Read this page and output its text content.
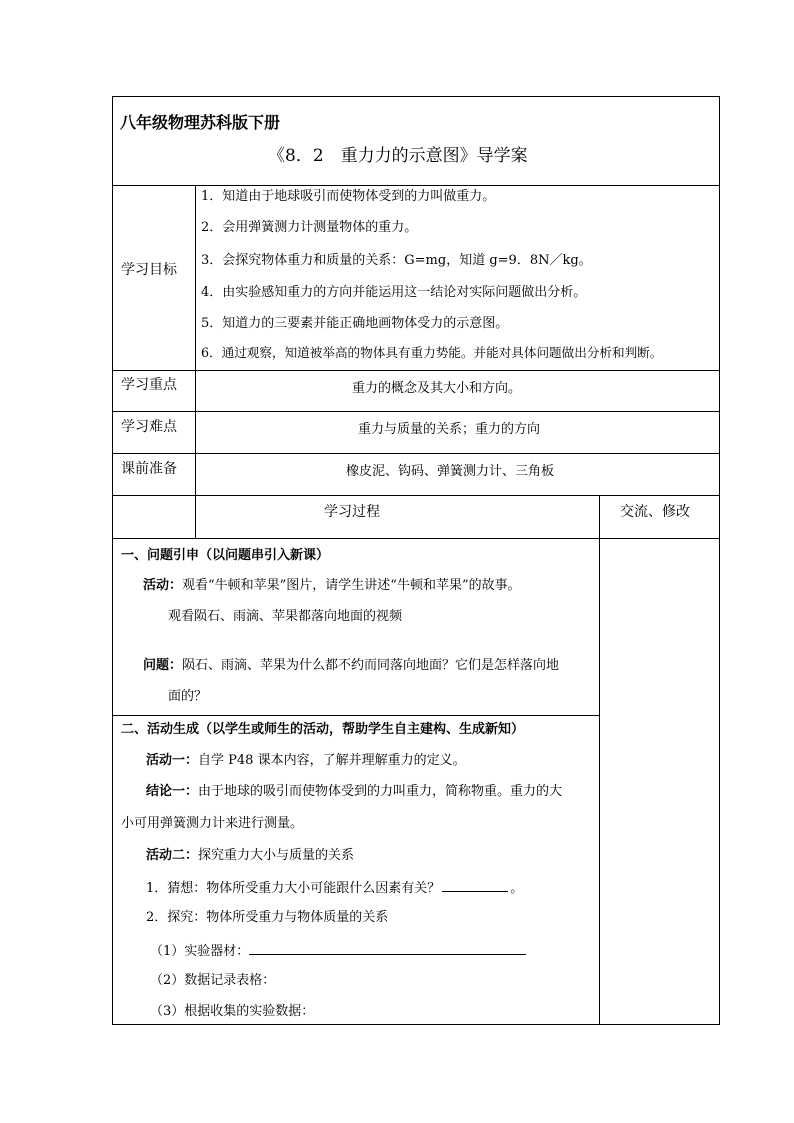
八年级物理苏科版下册
《8．2　重力力的示意图》导学案
学习目标
1．知道由于地球吸引而使物体受到的力叫做重力。
2．会用弹簧测力计测量物体的重力。
3．会探究物体重力和质量的关系：G=mg，知道 g=9．8N／kg。
4．由实验感知重力的方向并能运用这一结论对实际问题做出分析。
5．知道力的三要素并能正确地画物体受力的示意图。
6．通过观察，知道被举高的物体具有重力势能。并能对具体问题做出分析和判断。
学习重点	重力的概念及其大小和方向。
学习难点	重力与质量的关系；重力的方向
课前准备	橡皮泥、钩码、弹簧测力计、三角板
学习过程	交流、修改
一、问题引申（以问题串引入新课）
活动：观看“牛顿和苹果”图片，请学生讲述“牛顿和苹果”的故事。
观看陨石、雨滴、苹果都落向地面的视频
问题：陨石、雨滴、苹果为什么都不约而同落向地面？它们是怎样落向地
面的？
二、活动生成（以学生或师生的活动，帮助学生自主建构、生成新知）
活动一：自学 P48 课本内容，了解并理解重力的定义。
结论一：由于地球的吸引而使物体受到的力叫重力，简称物重。重力的大
小可用弹簧测力计来进行测量。
活动二：探究重力大小与质量的关系
1．猜想：物体所受重力大小可能跟什么因素有关？	。
2．探究：物体所受重力与物体质量的关系
（1）实验器材：
（2）数据记录表格：
（3）根据收集的实验数据：
